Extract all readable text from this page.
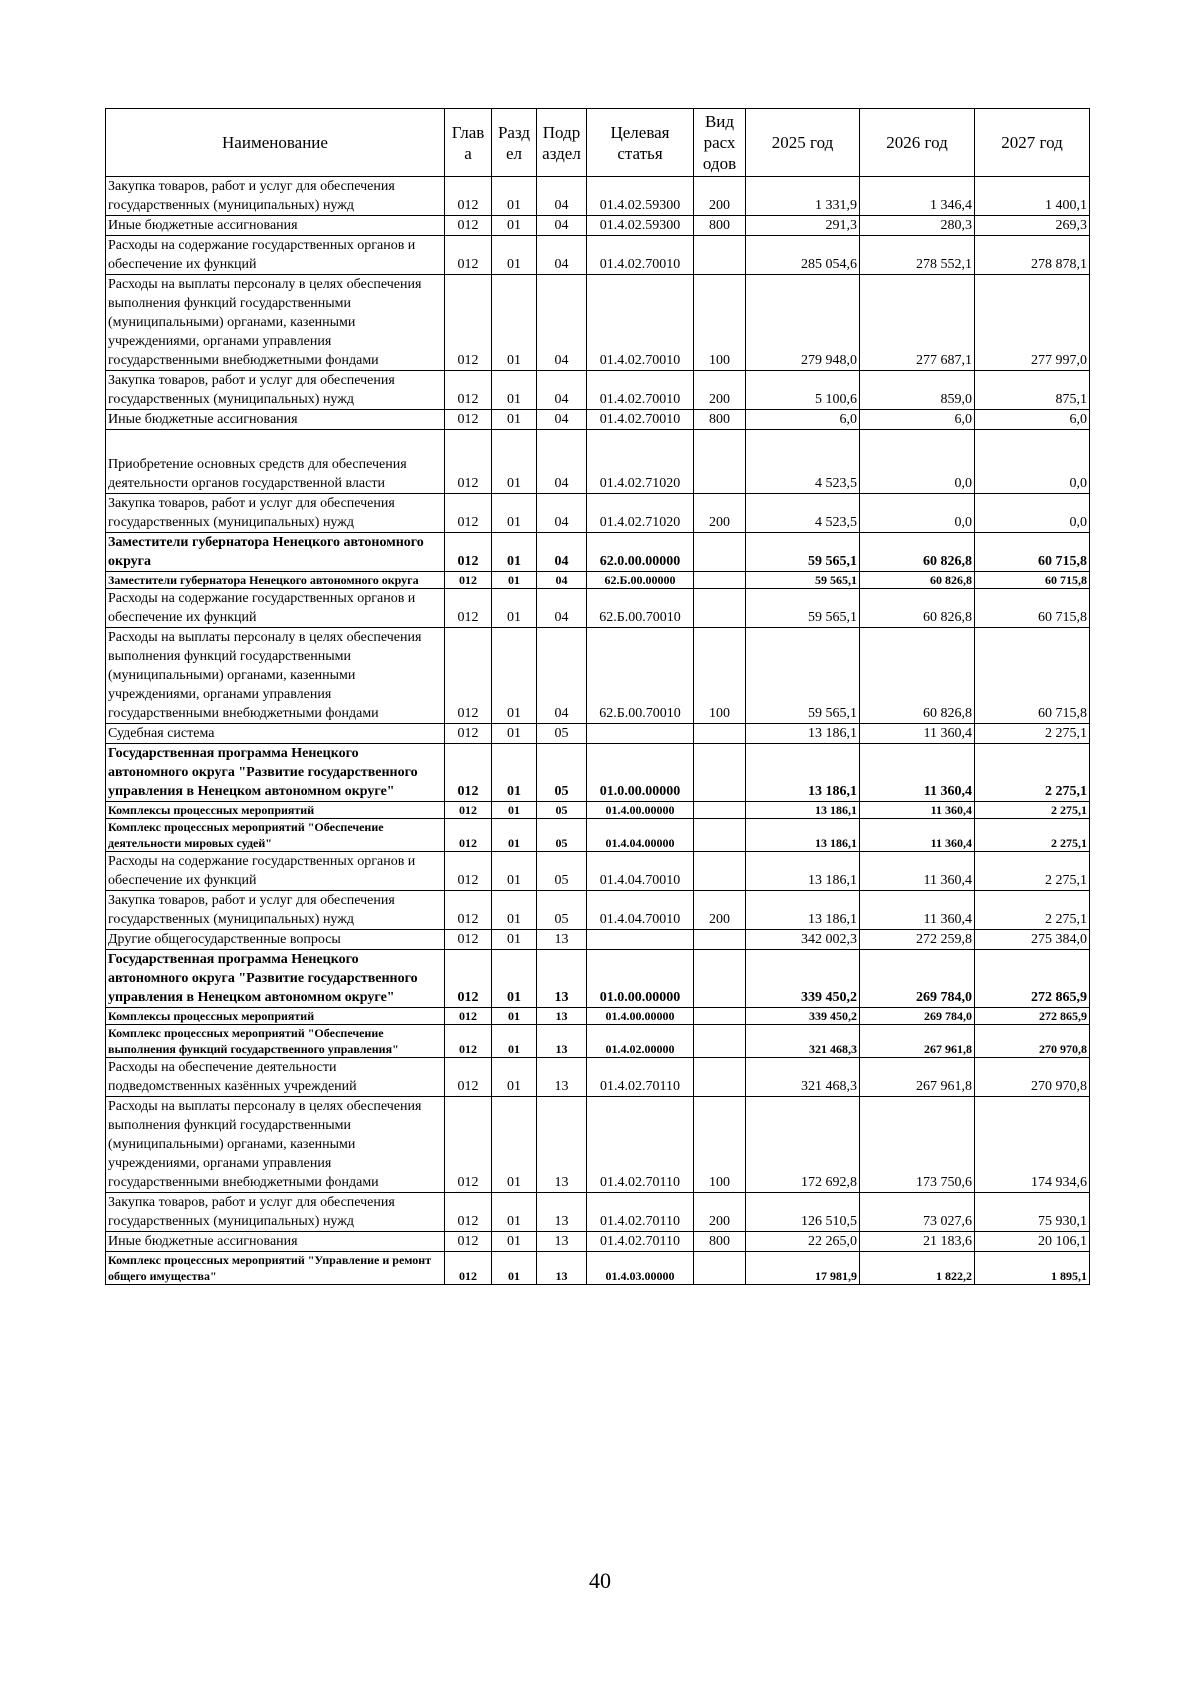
Наименование	Глав а	Разд ел	Подр аздел	Целевая статья	Вид расх одов	2025 год	2026 год	2027 год
Закупка товаров, работ и услуг для обеспечения государственных (муниципальных) нужд	012	01	04	01.4.02.59300	200	1 331,9	1 346,4	1 400,1
Иные бюджетные ассигнования	012	01	04	01.4.02.59300	800	291,3	280,3	269,3
Расходы на содержание государственных органов и обеспечение их функций	012	01	04	01.4.02.70010		285 054,6	278 552,1	278 878,1
Расходы на выплаты персоналу в целях обеспечения выполнения функций государственными (муниципальными) органами, казенными учреждениями, органами управления государственными внебюджетными фондами	012	01	04	01.4.02.70010	100	279 948,0	277 687,1	277 997,0
Закупка товаров, работ и услуг для обеспечения государственных (муниципальных) нужд	012	01	04	01.4.02.70010	200	5 100,6	859,0	875,1
Иные бюджетные ассигнования	012	01	04	01.4.02.70010	800	6,0	6,0	6,0
Приобретение основных средств для обеспечения деятельности органов государственной власти	012	01	04	01.4.02.71020		4 523,5	0,0	0,0
Закупка товаров, работ и услуг для обеспечения государственных (муниципальных) нужд	012	01	04	01.4.02.71020	200	4 523,5	0,0	0,0
Заместители губернатора Ненецкого автономного округа	012	01	04	62.0.00.00000		59 565,1	60 826,8	60 715,8
Заместители губернатора Ненецкого автономного округа	012	01	04	62.Б.00.00000		59 565,1	60 826,8	60 715,8
Расходы на содержание государственных органов и обеспечение их функций	012	01	04	62.Б.00.70010		59 565,1	60 826,8	60 715,8
Расходы на выплаты персоналу в целях обеспечения выполнения функций государственными (муниципальными) органами, казенными учреждениями, органами управления государственными внебюджетными фондами	012	01	04	62.Б.00.70010	100	59 565,1	60 826,8	60 715,8
Судебная система	012	01	05			13 186,1	11 360,4	2 275,1
Государственная программа Ненецкого автономного округа "Развитие государственного управления в Ненецком автономном округе"	012	01	05	01.0.00.00000		13 186,1	11 360,4	2 275,1
Комплексы процессных мероприятий	012	01	05	01.4.00.00000		13 186,1	11 360,4	2 275,1
Комплекс процессных мероприятий "Обеспечение деятельности мировых судей"	012	01	05	01.4.04.00000		13 186,1	11 360,4	2 275,1
Расходы на содержание государственных органов и обеспечение их функций	012	01	05	01.4.04.70010		13 186,1	11 360,4	2 275,1
Закупка товаров, работ и услуг для обеспечения государственных (муниципальных) нужд	012	01	05	01.4.04.70010	200	13 186,1	11 360,4	2 275,1
Другие общегосударственные вопросы	012	01	13			342 002,3	272 259,8	275 384,0
Государственная программа Ненецкого автономного округа "Развитие государственного управления в Ненецком автономном округе"	012	01	13	01.0.00.00000		339 450,2	269 784,0	272 865,9
Комплексы процессных мероприятий	012	01	13	01.4.00.00000		339 450,2	269 784,0	272 865,9
Комплекс процессных мероприятий "Обеспечение выполнения функций государственного управления"	012	01	13	01.4.02.00000		321 468,3	267 961,8	270 970,8
Расходы на обеспечение деятельности подведомственных казённых учреждений	012	01	13	01.4.02.70110		321 468,3	267 961,8	270 970,8
Расходы на выплаты персоналу в целях обеспечения выполнения функций государственными (муниципальными) органами, казенными учреждениями, органами управления государственными внебюджетными фондами	012	01	13	01.4.02.70110	100	172 692,8	173 750,6	174 934,6
Закупка товаров, работ и услуг для обеспечения государственных (муниципальных) нужд	012	01	13	01.4.02.70110	200	126 510,5	73 027,6	75 930,1
Иные бюджетные ассигнования	012	01	13	01.4.02.70110	800	22 265,0	21 183,6	20 106,1
Комплекс процессных мероприятий "Управление и ремонт общего имущества"	012	01	13	01.4.03.00000		17 981,9	1 822,2	1 895,1
40
